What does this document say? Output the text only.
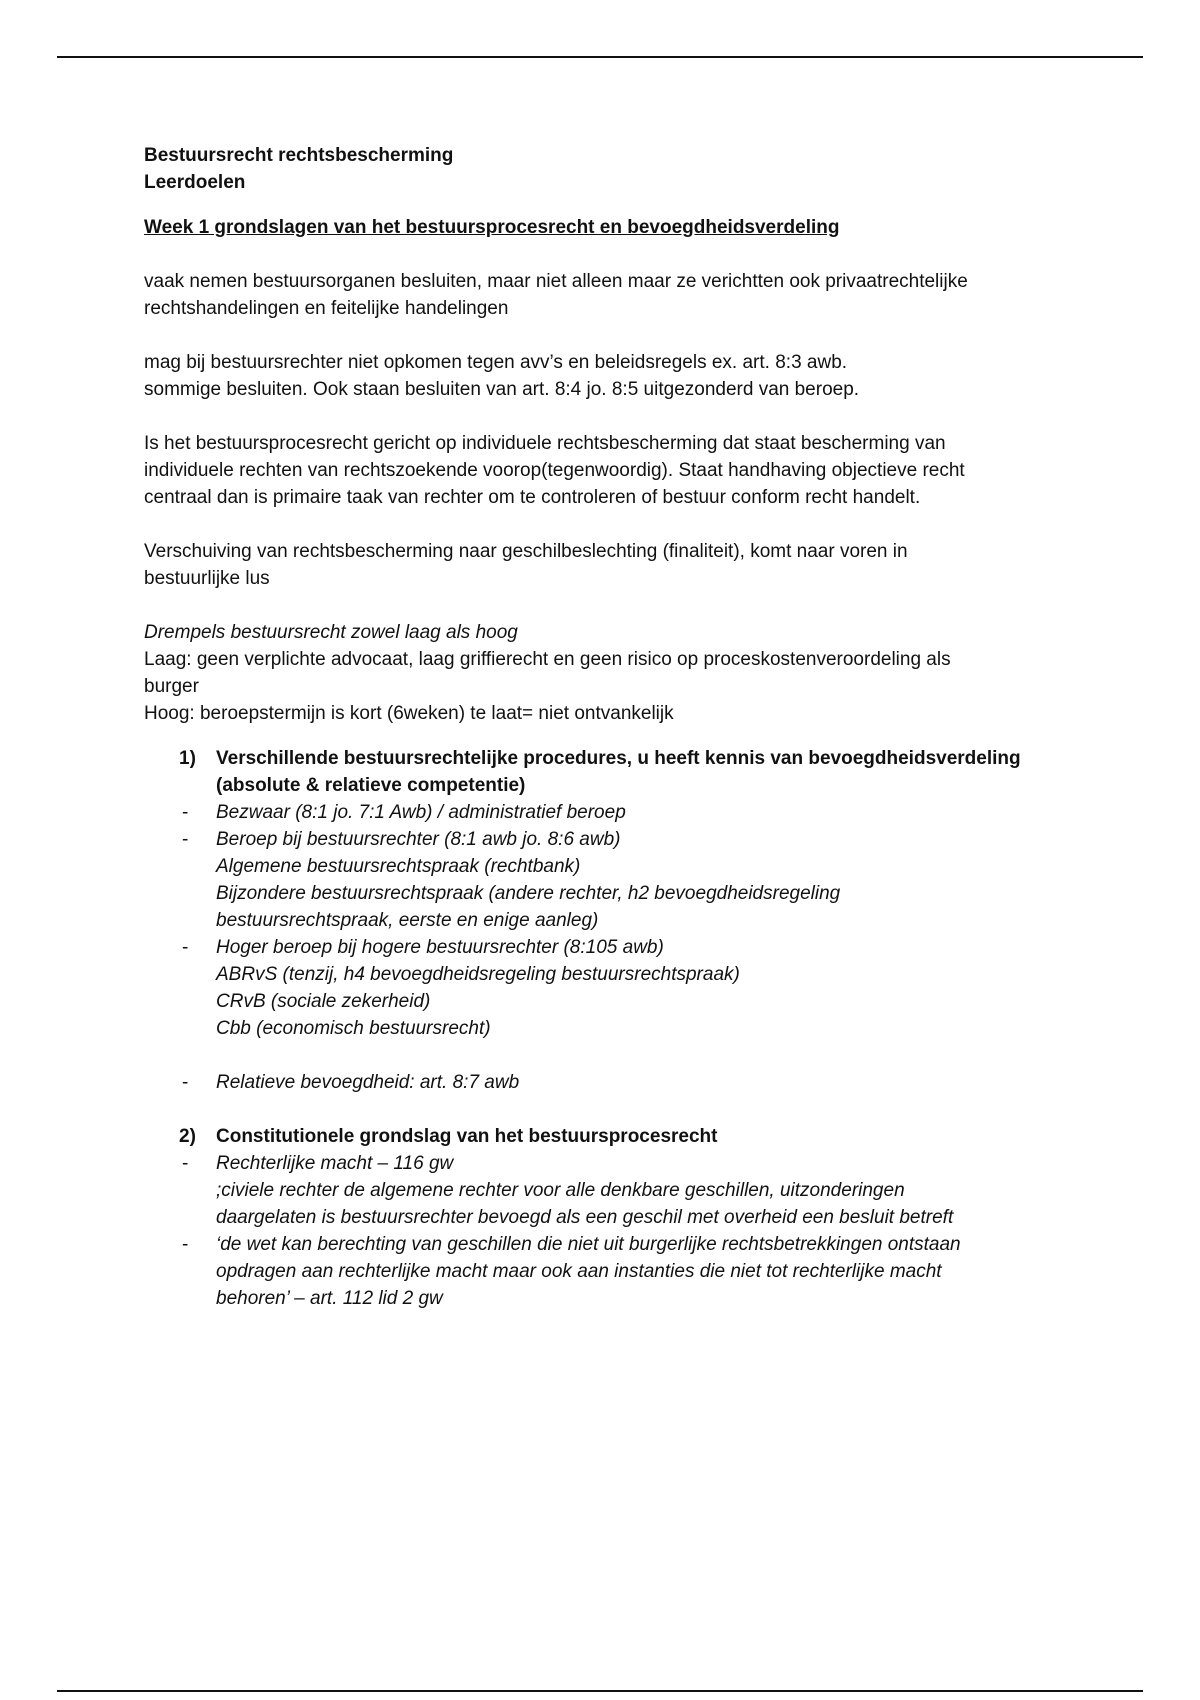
Bestuursrecht rechtsbescherming

Leerdoelen

Week 1 grondslagen van het bestuursprocesrecht en bevoegdheidsverdeling

vaak nemen bestuursorganen besluiten, maar niet alleen maar ze verichtten ook privaatrechtelijke

rechtshandelingen en feitelijke handelingen

mag bij bestuursrechter niet opkomen tegen avv’s en beleidsregels ex. art. 8:3 awb.

sommige besluiten. Ook staan besluiten van art. 8:4 jo. 8:5 uitgezonderd van beroep.

Is het bestuursprocesrecht gericht op individuele rechtsbescherming dat staat bescherming van

individuele rechten van rechtszoekende voorop(tegenwoordig). Staat handhaving objectieve recht

centraal dan is primaire taak van rechter om te controleren of bestuur conform recht handelt.

Verschuiving van rechtsbescherming naar geschilbeslechting (finaliteit), komt naar voren in

bestuurlijke lus

Drempels bestuursrecht zowel laag als hoog

Laag: geen verplichte advocaat, laag griffierecht en geen risico op proceskostenveroordeling als

burger

Hoog: beroepstermijn is kort (6weken) te laat= niet ontvankelijk

1) Verschillende bestuursrechtelijke procedures, u heeft kennis van bevoegdheidsverdeling

(absolute & relatieve competentie)

- Bezwaar (8:1 jo. 7:1 Awb) / administratief beroep

- Beroep bij bestuursrechter (8:1 awb jo. 8:6 awb)

Algemene bestuursrechtspraak (rechtbank)

Bijzondere bestuursrechtspraak (andere rechter, h2 bevoegdheidsregeling

bestuursrechtspraak, eerste en enige aanleg)

- Hoger beroep bij hogere bestuursrechter (8:105 awb)

ABRvS (tenzij, h4 bevoegdheidsregeling bestuursrechtspraak)

CRvB (sociale zekerheid)

Cbb (economisch bestuursrecht)

- Relatieve bevoegdheid: art. 8:7 awb

2) Constitutionele grondslag van het bestuursprocesrecht

- Rechterlijke macht – 116 gw

;civiele rechter de algemene rechter voor alle denkbare geschillen, uitzonderingen

daargelaten is bestuursrechter bevoegd als een geschil met overheid een besluit betreft

- ‘de wet kan berechting van geschillen die niet uit burgerlijke rechtsbetrekkingen ontstaan

opdragen aan rechterlijke macht maar ook aan instanties die niet tot rechterlijke macht

behoren’ – art. 112 lid 2 gw
